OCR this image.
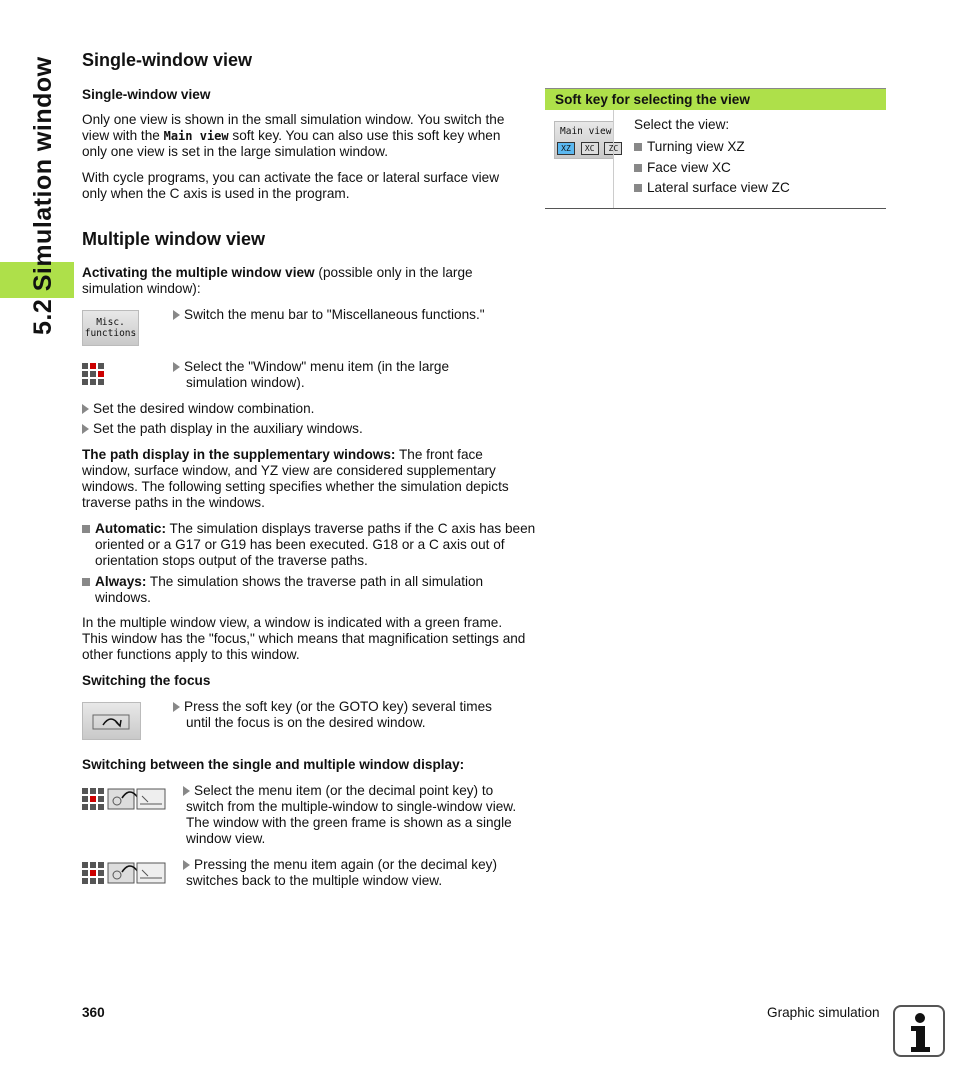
5.2 Simulation window Single-window view
Single-window view

Only one view is shown in the small simulation window. You switch the view with the Main view soft key. You can also use this soft key when only one view is set in the large simulation window.

With cycle programs, you can activate the face or lateral surface view only when the C axis is used in the program.

Multiple window view

Activating the multiple window view (possible only in the large simulation window):

Misc.
functions

Switch the menu bar to "Miscellaneous functions."

Select the "Window" menu item (in the large
simulation window).

Set the desired window combination.

Set the path display in the auxiliary windows.

The path display in the supplementary windows: The front face window, surface window, and YZ view are considered supplementary windows. The following setting specifies whether the simulation depicts traverse paths in the windows.

Automatic: The simulation displays traverse paths if the C axis has been oriented or a G17 or G19 has been executed. G18 or a C axis out of orientation stops output of the traverse paths.

Always: The simulation shows the traverse path in all simulation windows.

In the multiple window view, a window is indicated with a green frame. This window has the "focus," which means that magnification settings and other functions apply to this window.

Switching the focus

Press the soft key (or the GOTO key) several times
until the focus is on the desired window.

Switching between the single and multiple window display:

Select the menu item (or the decimal point key) to
switch from the multiple-window to single-window view. The window with the green frame is shown as a single window view.

Pressing the menu item again (or the decimal key)
switches back to the multiple window view.

Soft key for selecting the view
Main view
XZ XC ZC
Select the view:
Turning view XZ
Face view XC
Lateral surface view ZC
360	Graphic simulation
